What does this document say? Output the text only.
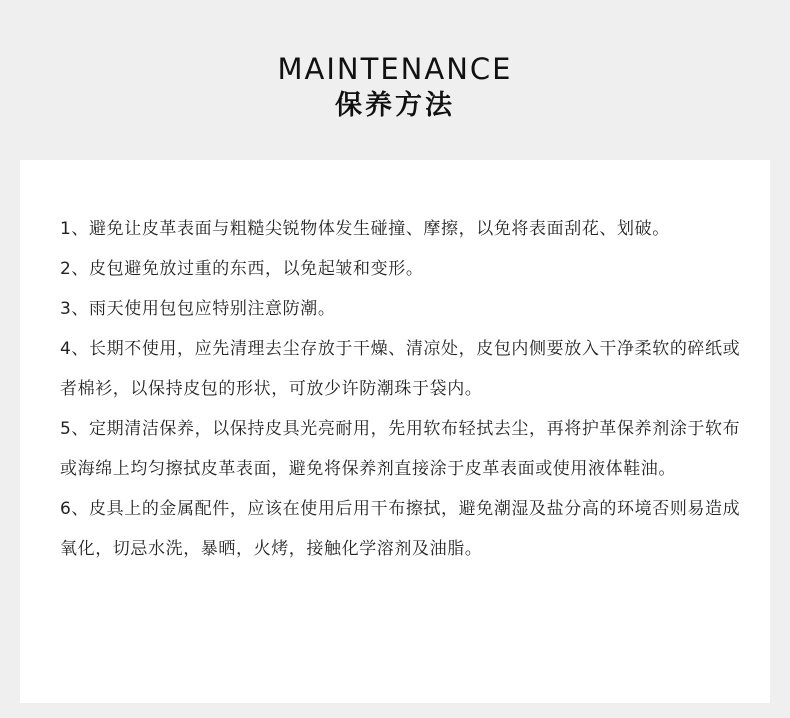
MAINTENANCE
保养方法
1、避免让皮革表面与粗糙尖锐物体发生碰撞、摩擦，以免将表面刮花、划破。
2、皮包避免放过重的东西，以免起皱和变形。
3、雨天使用包包应特别注意防潮。
4、长期不使用，应先清理去尘存放于干燥、清凉处，皮包内侧要放入干净柔软的碎纸或者棉衫，以保持皮包的形状，可放少许防潮珠于袋内。
5、定期清洁保养，以保持皮具光亮耐用，先用软布轻拭去尘，再将护革保养剂涂于软布或海绵上均匀擦拭皮革表面，避免将保养剂直接涂于皮革表面或使用液体鞋油。
6、皮具上的金属配件，应该在使用后用干布擦拭，避免潮湿及盐分高的环境否则易造成氧化，切忌水洗，暴晒，火烤，接触化学溶剂及油脂。
